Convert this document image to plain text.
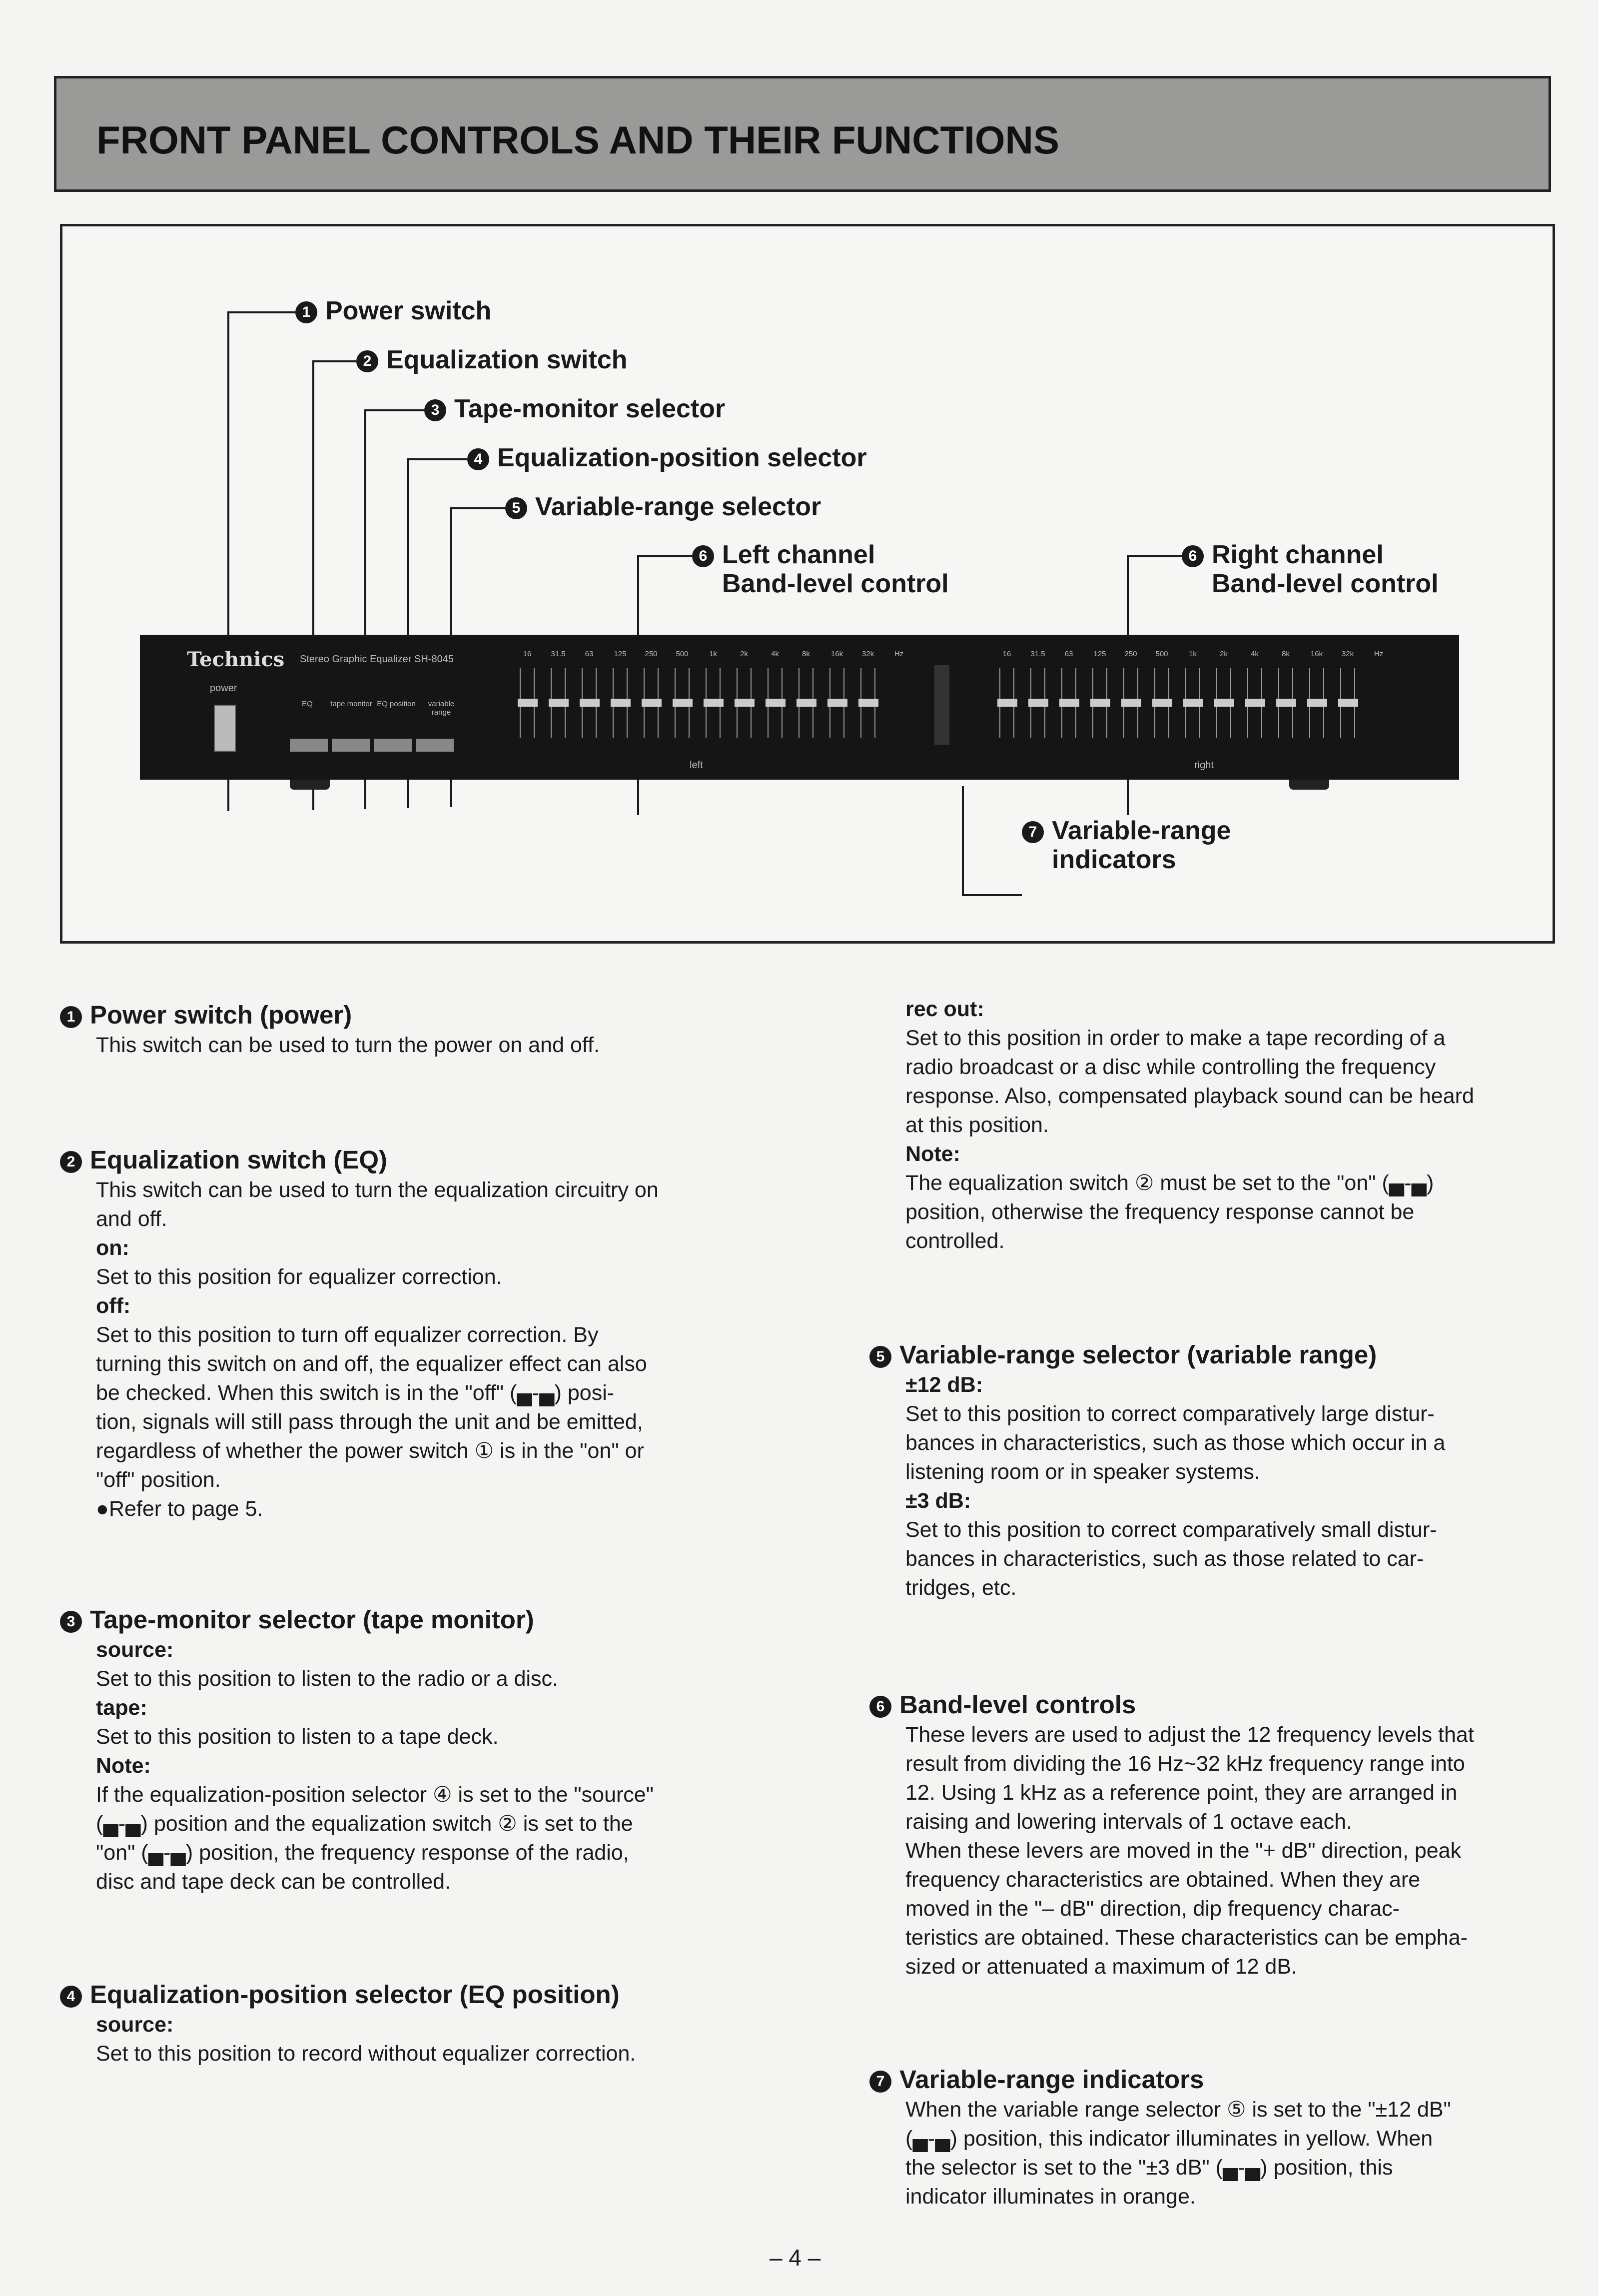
FRONT PANEL CONTROLS AND THEIR FUNCTIONS
1 Power switch
2 Equalization switch
3 Tape-monitor selector
4 Equalization-position selector
5 Variable-range selector
6 Left channel
Band-level control
6 Right channel
Band-level control
7 Variable-range
indicators
Technics Stereo Graphic Equalizer SH-8045
power
EQ	tape monitor EQ position	variable range
16	31.5	63	125	250	500	1k	2k	4k	8k	16k	32k	Hz	16	31.5	63	125	250	500	1k	2k	4k	8k	16k	32k	Hz
left	right
1 Power switch (power)

This switch can be used to turn the power on and off.

2 Equalization switch (EQ)

This switch can be used to turn the equalization circuitry on

and off.

on:

Set to this position for equalizer correction.

off:

Set to this position to turn off equalizer correction. By

turning this switch on and off, the equalizer effect can also

be checked. When this switch is in the "off" (▄-▄) posi-

tion, signals will still pass through the unit and be emitted,

regardless of whether the power switch ① is in the "on" or

"off" position.

●Refer to page 5.

3 Tape-monitor selector (tape monitor)

source:

Set to this position to listen to the radio or a disc.

tape:

Set to this position to listen to a tape deck.

Note:

If the equalization-position selector ④ is set to the "source"

(▄-▄) position and the equalization switch ② is set to the

"on" (▄-▄) position, the frequency response of the radio,

disc and tape deck can be controlled.

4 Equalization-position selector (EQ position)

source:

Set to this position to record without equalizer correction.

rec out:

Set to this position in order to make a tape recording of a

radio broadcast or a disc while controlling the frequency

response. Also, compensated playback sound can be heard

at this position.

Note:

The equalization switch ② must be set to the "on" (▄-▄)

position, otherwise the frequency response cannot be

controlled.

5 Variable-range selector (variable range)

±12 dB:

Set to this position to correct comparatively large distur-

bances in characteristics, such as those which occur in a

listening room or in speaker systems.

±3 dB:

Set to this position to correct comparatively small distur-

bances in characteristics, such as those related to car-

tridges, etc.

6 Band-level controls

These levers are used to adjust the 12 frequency levels that

result from dividing the 16 Hz~32 kHz frequency range into

12. Using 1 kHz as a reference point, they are arranged in

raising and lowering intervals of 1 octave each.

When these levers are moved in the "+ dB" direction, peak

frequency characteristics are obtained. When they are

moved in the "– dB" direction, dip frequency charac-

teristics are obtained. These characteristics can be empha-

sized or attenuated a maximum of 12 dB.

7 Variable-range indicators

When the variable range selector ⑤ is set to the "±12 dB"

(▄-▄) position, this indicator illuminates in yellow. When

the selector is set to the "±3 dB" (▄-▄) position, this

indicator illuminates in orange.

– 4 –
